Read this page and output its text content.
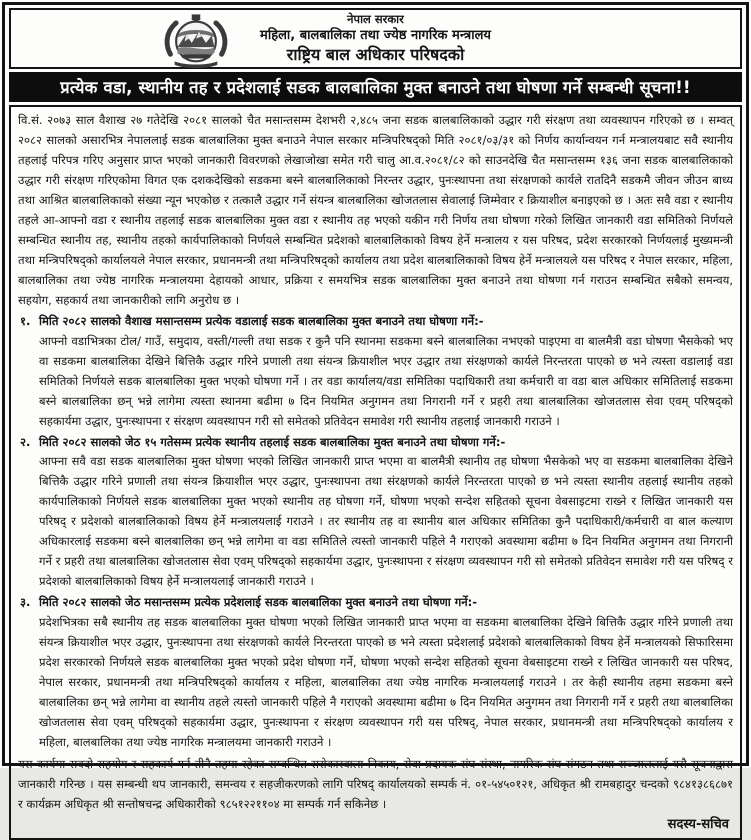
नेपाल सरकार
महिला, बालबालिका तथा ज्येष्ठ नागरिक मन्त्रालय
राष्ट्रिय बाल अधिकार परिषदको
प्रत्येक वडा, स्थानीय तह र प्रदेशलाई सडक बालबालिका मुक्त बनाउने तथा घोषणा गर्ने सम्बन्धी सूचना!!

वि.सं. २०७३ साल वैशाख २७ गतेदेखि २०८१ सालको चैत मसान्तसम्म देशभरी २,४८५ जना सडक बालबालिकाको उद्धार गरी संरक्षण तथा व्यवस्थापन गरिएको छ । सम्वत् २०८२ सालको असारभित्र नेपाललाई सडक बालबालिका मुक्त बनाउने नेपाल सरकार मन्त्रिपरिषद्को मिति २०८१/०३/३१ को निर्णय कार्यान्वयन गर्न मन्त्रालयबाट सवै स्थानीय तहलाई परिपत्र गरिए अनुसार प्राप्त भएको जानकारी विवरणको लेखाजोखा समेत गरी चालु आ.व.२०८१/८२ को साउनदेखि चैत मसान्तसम्म १३६ जना सडक बालबालिकाको उद्धार गरी संरक्षण गरिएकोमा विगत एक दशकदेखिको सडकमा बस्ने बालबालिकाको निरन्तर उद्धार, पुनःस्थापना तथा संरक्षणको कार्यले रातदिनै सडकमै जीवन जीउन बाध्य तथा आश्रित बालबालिकाको संख्या न्यून भएकोछ र तत्कालै उद्धार गर्ने संयन्त्र बालबालिका खोजतलास सेवालाई जिम्मेवार र क्रियाशील बनाइएको छ । अतः सवै वडा र स्थानीय तहले आ-आफ्नो वडा र स्थानीय तहलाई सडक बालबालिका मुक्त वडा र स्थानीय तह भएको यकीन गरी निर्णय तथा घोषणा गरेको लिखित जानकारी वडा समितिको निर्णयले सम्बन्धित स्थानीय तह, स्थानीय तहको कार्यपालिकाको निर्णयले सम्बन्धित प्रदेशको बालबालिकाको विषय हेर्ने मन्त्रालय र यस परिषद, प्रदेश सरकारको निर्णयलाई मुख्यमन्त्री तथा मन्त्रिपरिषद्को कार्यालयले नेपाल सरकार, प्रधानमन्त्री तथा मन्त्रिपरिषद्को कार्यालय तथा प्रदेश बालबालिकाको विषय हेर्ने मन्त्रालयले यस परिषद र नेपाल सरकार, महिला, बालबालिका तथा ज्येष्ठ नागरिक मन्त्रालयमा देहायको आधार, प्रक्रिया र समयभित्र सडक बालबालिका मुक्त बनाउने तथा घोषणा गर्न गराउन सम्बन्धित सबैको समन्वय, सहयोग, सहकार्य तथा जानकारीको लागि अनुरोध छ ।

१. मिति २०८२ सालको वैशाख मसान्तसम्म प्रत्येक वडालाई सडक बालबालिका मुक्त बनाउने तथा घोषणा गर्ने:-
आफ्नो वडाभित्रका टोल/ गाउँ, समुदाय, वस्ती/गल्ली तथा सडक र कुनै पनि स्थानमा सडकमा बस्ने बालबालिका नभएको पाइएमा वा बालमैत्री वडा घोषणा भैसकेको भए वा सडकमा बालबालिका देखिने बित्तिकै उद्धार गरिने प्रणाली तथा संयन्त्र क्रियाशील भएर उद्धार तथा संरक्षणको कार्यले निरन्तरता पाएको छ भने त्यस्ता वडालाई वडा समितिको निर्णयले सडक बालबालिका मुक्त भएको घोषणा गर्ने । तर वडा कार्यालय/वडा समितिका पदाधिकारी तथा कर्मचारी वा वडा बाल अधिकार समितिलाई सडकमा बस्ने बालबालिका छन् भन्ने लागेमा त्यस्ता स्थानमा बढीमा ७ दिन नियमित अनुगमन तथा निगरानी गर्ने र प्रहरी तथा बालबालिका खोजतलास सेवा एवम् परिषद्को सहकार्यमा उद्धार, पुनःस्थापना र संरक्षण व्यवस्थापन गरी सो समेतको प्रतिवेदन समावेश गरी स्थानीय तहलाई जानकारी गराउने ।
२. मिति २०८२ सालको जेठ १५ गतेसम्म प्रत्येक स्थानीय तहलाई सडक बालबालिका मुक्त बनाउने तथा घोषणा गर्ने:-
आफ्ना सवै वडा सडक बालबालिका मुक्त घोषणा भएको लिखित जानकारी प्राप्त भएमा वा बालमैत्री स्थानीय तह घोषणा भैसकेको भए वा सडकमा बालबालिका देखिने बित्तिकै उद्धार गरिने प्रणाली तथा संयन्त्र क्रियाशील भएर उद्धार, पुनःस्थापना तथा संरक्षणको कार्यले निरन्तरता पाएको छ भने त्यस्ता स्थानीय तहलाई स्थानीय तहको कार्यपालिकाको निर्णयले सडक बालबालिका मुक्त भएको स्थानीय तह घोषणा गर्ने, घोषणा भएको सन्देश सहितको सूचना वेबसाइटमा राख्ने र लिखित जानकारी यस परिषद् र प्रदेशको बालबालिकाको विषय हेर्ने मन्त्रालयलाई गराउने । तर स्थानीय तह वा स्थानीय बाल अधिकार समितिका कुनै पदाधिकारी/कर्मचारी वा बाल कल्याण अधिकारलाई सडकमा बस्ने बालबालिका छन् भन्ने लागेमा वा वडा समितिले त्यस्तो जानकारी पहिले नै गराएको अवस्थामा बढीमा ७ दिन नियमित अनुगमन तथा निगरानी गर्ने र प्रहरी तथा बालबालिका खोजतलास सेवा एवम् परिषद्को सहकार्यमा उद्धार, पुनःस्थापना र संरक्षण व्यवस्थापन गरी सो समेतको प्रतिवेदन समावेश गरी यस परिषद् र प्रदेशको बालबालिकाको विषय हेर्ने मन्त्रालयलाई जानकारी गराउने ।
३. मिति २०८२ सालको जेठ मसान्तसम्म प्रत्येक प्रदेशलाई सडक बालबालिका मुक्त बनाउने तथा घोषणा गर्ने:-
प्रदेशभित्रका सबै स्थानीय तह सडक बालबालिका मुक्त घोषणा भएको लिखित जानकारी प्राप्त भएमा वा सडकमा बालबालिका देखिने बित्तिकै उद्धार गरिने प्रणाली तथा संयन्त्र क्रियाशील भएर उद्धार, पुनःस्थापना तथा संरक्षणको कार्यले निरन्तरता पाएको छ भने त्यस्ता प्रदेशलाई प्रदेशको बालबालिकाको विषय हेर्ने मन्त्रालयको सिफारिसमा प्रदेश सरकारको निर्णयले सडक बालबालिका मुक्त भएको प्रदेश घोषणा गर्ने, घोषणा भएको सन्देश सहितको सूचना वेबसाइटमा राख्ने र लिखित जानकारी यस परिषद, नेपाल सरकार, प्रधानमन्त्री तथा मन्त्रिपरिषद्को कार्यालय र महिला, बालबालिका तथा ज्येष्ठ नागरिक मन्त्रालयलाई गराउने । तर केही स्थानीय तहमा सडकमा बस्ने बालबालिका छन् भन्ने लागेमा वा स्थानीय तहले त्यस्तो जानकारी पहिले नै गराएको अवस्थामा बढीमा ७ दिन नियमित अनुगमन तथा निगरानी गर्ने र प्रहरी तथा बालबालिका खोजतलास सेवा एवम् परिषद्को सहकार्यमा उद्धार, पुनःस्थापना र संरक्षण व्यवस्थापन गरी यस परिषद्, नेपाल सरकार, प्रधानमन्त्री तथा मन्त्रिपरिषद्को कार्यालय र महिला, बालबालिका तथा ज्येष्ठ नागरिक मन्त्रालयमा जानकारी गराउने ।

यस कार्यमा सक्दो सहयोग र सहकार्य गर्न तीनै तहमा रहेका सम्बन्धित सरोकारवाला निकाय, सेवा प्रदायक संघ संस्था, नागरिक संघ संगठन तथा सञ्जाललाई यसै सूचनाद्वारा जानकारी गरिन्छ । यस सम्बन्धी थप जानकारी, समन्वय र सहजीकरणको लागि परिषद् कार्यालयको सम्पर्क नं. ०१-५४५०१२१, अधिकृत श्री रामबहादुर चन्दको ९८४१३८६८७१ र कार्यक्रम अधिकृत श्री सन्तोषचन्द्र अधिकारीको ९८५१२२११०४ मा सम्पर्क गर्न सकिनेछ ।

सदस्य-सचिव
